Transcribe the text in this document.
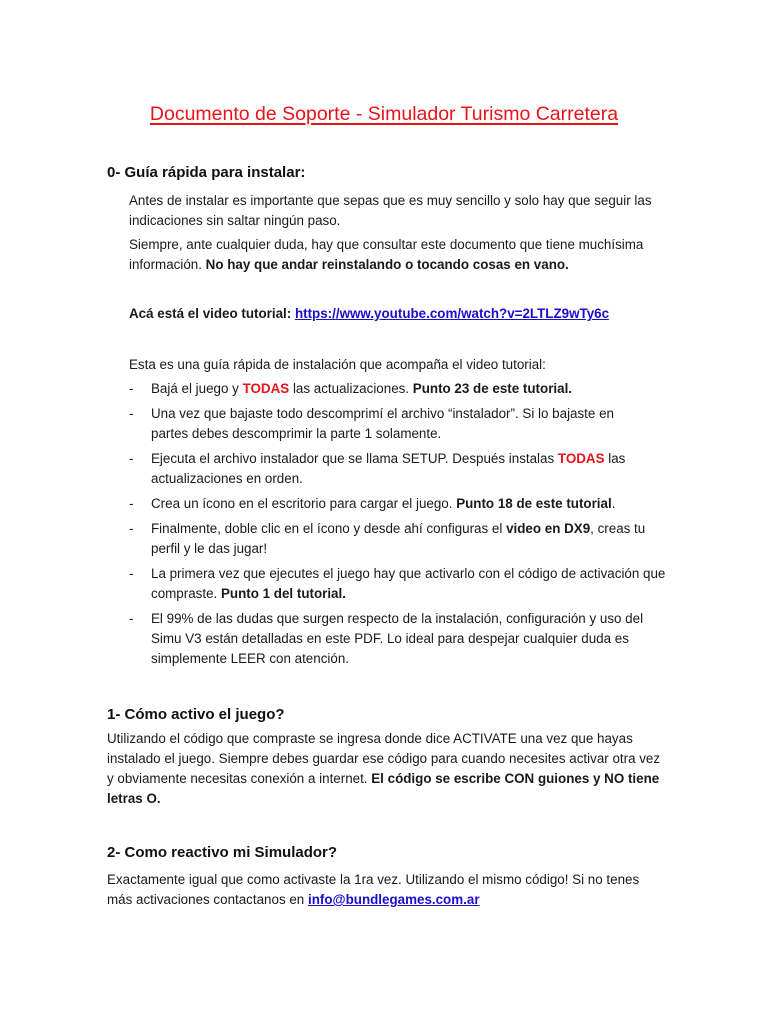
Documento de Soporte - Simulador Turismo Carretera
0- Guía rápida para instalar:
Antes de instalar es importante que sepas que es muy sencillo y solo hay que seguir las indicaciones sin saltar ningún paso.
Siempre, ante cualquier duda, hay que consultar este documento que tiene muchísima información. No hay que andar reinstalando o tocando cosas en vano.
Acá está el video tutorial: https://www.youtube.com/watch?v=2LTLZ9wTy6c
Esta es una guía rápida de instalación que acompaña el video tutorial:
- Bajá el juego y TODAS las actualizaciones. Punto 23 de este tutorial.
- Una vez que bajaste todo descomprimí el archivo “instalador”. Si lo bajaste en partes debes descomprimir la parte 1 solamente.
- Ejecuta el archivo instalador que se llama SETUP. Después instalas TODAS las actualizaciones en orden.
- Crea un ícono en el escritorio para cargar el juego. Punto 18 de este tutorial.
- Finalmente, doble clic en el ícono y desde ahí configuras el video en DX9, creas tu perfil y le das jugar!
- La primera vez que ejecutes el juego hay que activarlo con el código de activación que compraste. Punto 1 del tutorial.
- El 99% de las dudas que surgen respecto de la instalación, configuración y uso del Simu V3 están detalladas en este PDF. Lo ideal para despejar cualquier duda es simplemente LEER con atención.
1- Cómo activo el juego?
Utilizando el código que compraste se ingresa donde dice ACTIVATE una vez que hayas instalado el juego. Siempre debes guardar ese código para cuando necesites activar otra vez y obviamente necesitas conexión a internet. El código se escribe CON guiones y NO tiene letras O.
2- Como reactivo mi Simulador?
Exactamente igual que como activaste la 1ra vez. Utilizando el mismo código! Si no tenes más activaciones contactanos en info@bundlegames.com.ar
